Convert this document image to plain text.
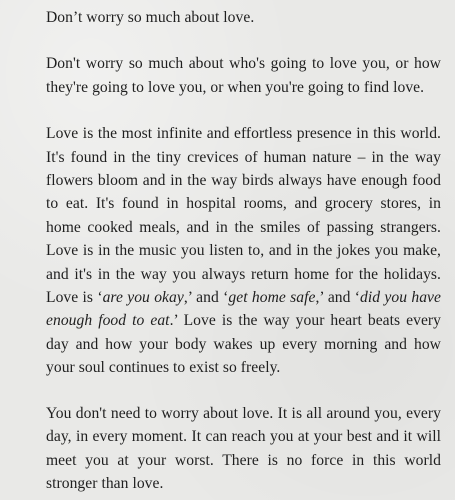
Don’t worry so much about love.

Don't worry so much about who's going to love you, or how they're going to love you, or when you're going to find love.

Love is the most infinite and effortless presence in this world. It's found in the tiny crevices of human nature – in the way flowers bloom and in the way birds always have enough food to eat. It's found in hospital rooms, and grocery stores, in home cooked meals, and in the smiles of passing strangers. Love is in the music you listen to, and in the jokes you make, and it's in the way you always return home for the holidays. Love is ‘are you okay,’ and ‘get home safe,’ and ‘did you have enough food to eat.’ Love is the way your heart beats every day and how your body wakes up every morning and how your soul continues to exist so freely.

You don't need to worry about love. It is all around you, every day, in every moment. It can reach you at your best and it will meet you at your worst. There is no force in this world stronger than love.
